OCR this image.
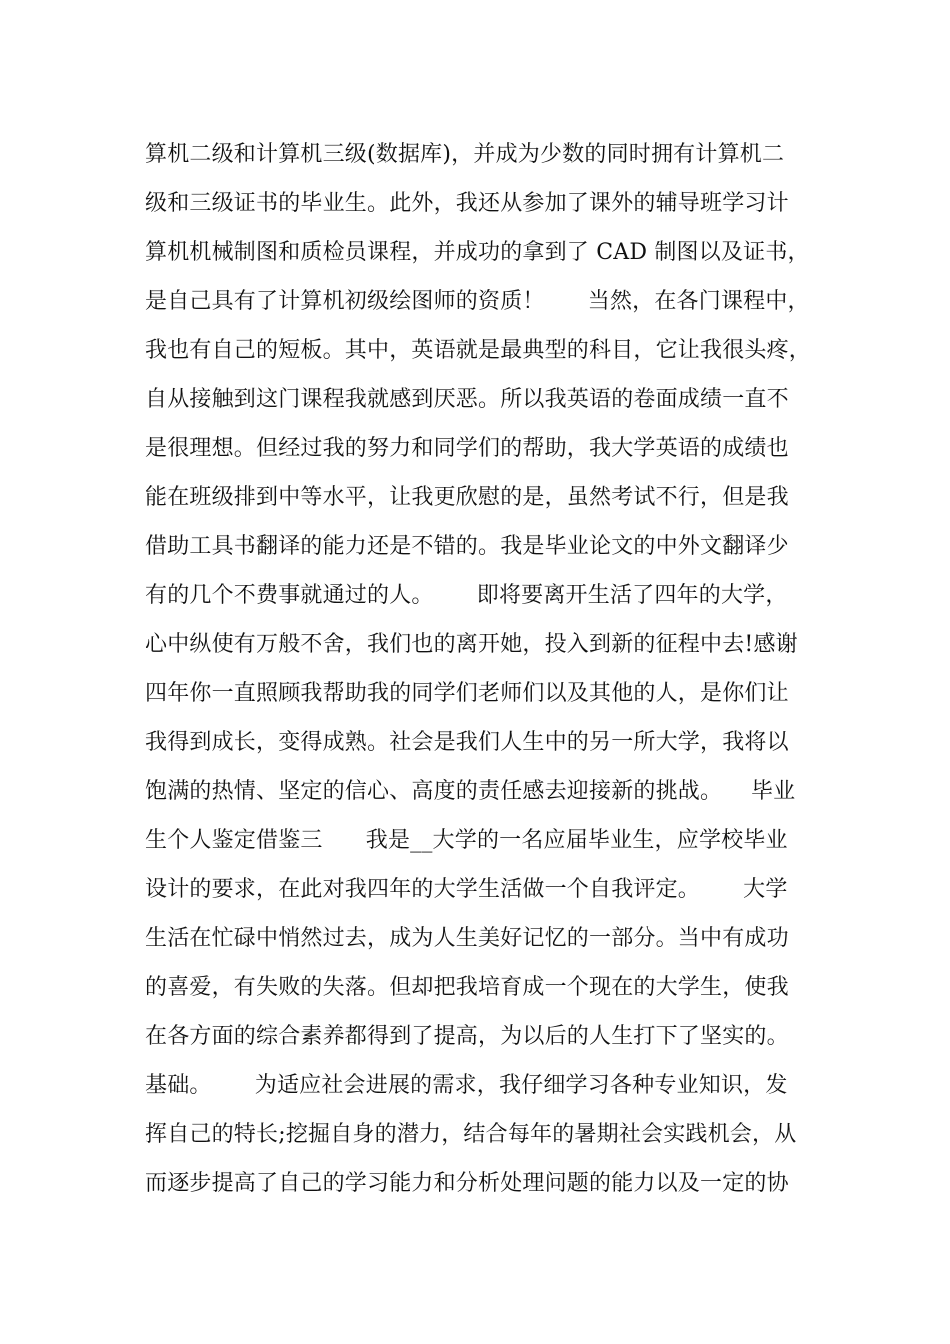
算机二级和计算机三级(数据库)，并成为少数的同时拥有计算机二
级和三级证书的毕业生。此外，我还从参加了课外的辅导班学习计
算机机械制图和质检员课程，并成功的拿到了 CAD 制图以及证书，
是自己具有了计算机初级绘图师的资质！      当然，在各门课程中，
我也有自己的短板。其中，英语就是最典型的科目，它让我很头疼，
自从接触到这门课程我就感到厌恶。所以我英语的卷面成绩一直不
是很理想。但经过我的努力和同学们的帮助，我大学英语的成绩也
能在班级排到中等水平，让我更欣慰的是，虽然考试不行，但是我
借助工具书翻译的能力还是不错的。我是毕业论文的中外文翻译少
有的几个不费事就通过的人。      即将要离开生活了四年的大学，
心中纵使有万般不舍，我们也的离开她，投入到新的征程中去!感谢
四年你一直照顾我帮助我的同学们老师们以及其他的人，是你们让
我得到成长，变得成熟。社会是我们人生中的另一所大学，我将以
饱满的热情、坚定的信心、高度的责任感去迎接新的挑战。    毕业
生个人鉴定借鉴三      我是__大学的一名应届毕业生，应学校毕业
设计的要求，在此对我四年的大学生活做一个自我评定。      大学
生活在忙碌中悄然过去，成为人生美好记忆的一部分。当中有成功
的喜爱，有失败的失落。但却把我培育成一个现在的大学生，使我
在各方面的综合素养都得到了提高，为以后的人生打下了坚实的。
基础。      为适应社会进展的需求，我仔细学习各种专业知识，发
挥自己的特长;挖掘自身的潜力，结合每年的暑期社会实践机会，从
而逐步提高了自己的学习能力和分析处理问题的能力以及一定的协
